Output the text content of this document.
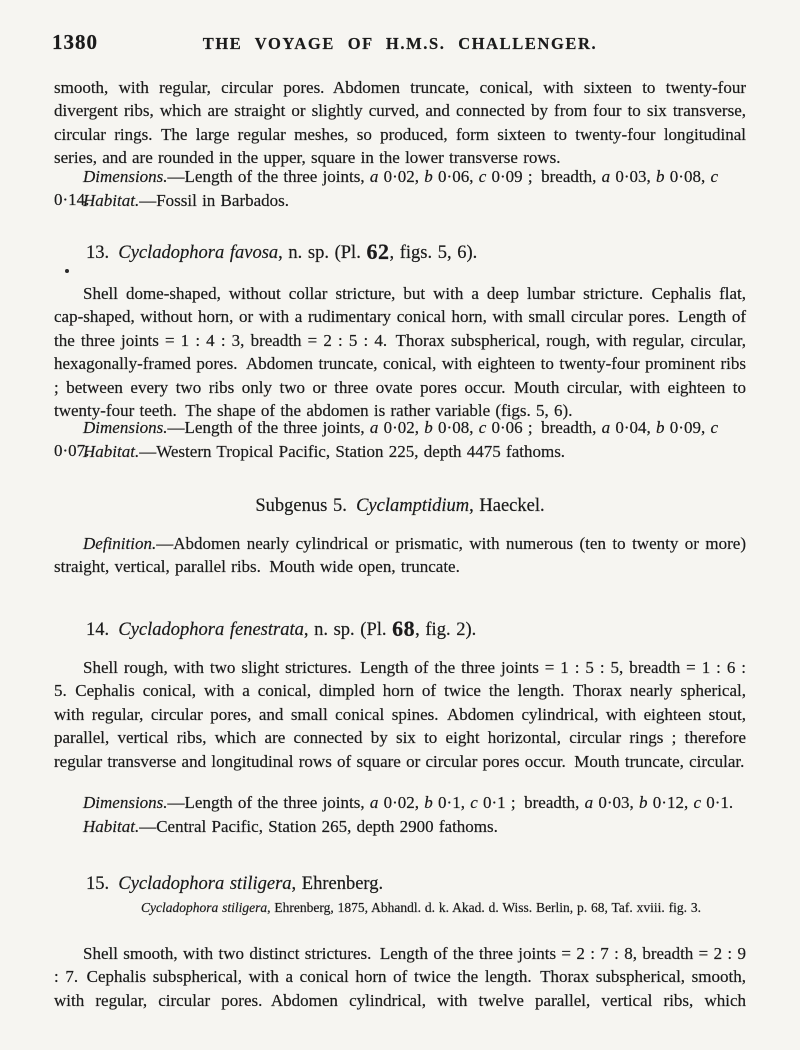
1380	THE VOYAGE OF H.M.S. CHALLENGER.
smooth, with regular, circular pores. Abdomen truncate, conical, with sixteen to twenty-four divergent ribs, which are straight or slightly curved, and connected by from four to six transverse, circular rings. The large regular meshes, so produced, form sixteen to twenty-four longitudinal series, and are rounded in the upper, square in the lower transverse rows.
Dimensions.—Length of the three joints, a 0·02, b 0·06, c 0·09 ; breadth, a 0·03, b 0·08, c 0·14.
Habitat.—Fossil in Barbados.
13. Cycladophora favosa, n. sp. (Pl. 62, figs. 5, 6).
Shell dome-shaped, without collar stricture, but with a deep lumbar stricture. Cephalis flat, cap-shaped, without horn, or with a rudimentary conical horn, with small circular pores. Length of the three joints = 1 : 4 : 3, breadth = 2 : 5 : 4. Thorax subspherical, rough, with regular, circular, hexagonally-framed pores. Abdomen truncate, conical, with eighteen to twenty-four prominent ribs ; between every two ribs only two or three ovate pores occur. Mouth circular, with eighteen to twenty-four teeth. The shape of the abdomen is rather variable (figs. 5, 6).
Dimensions.—Length of the three joints, a 0·02, b 0·08, c 0·06 ; breadth, a 0·04, b 0·09, c 0·07.
Habitat.—Western Tropical Pacific, Station 225, depth 4475 fathoms.
Subgenus 5. Cyclamptidium, Haeckel.
Definition.—Abdomen nearly cylindrical or prismatic, with numerous (ten to twenty or more) straight, vertical, parallel ribs. Mouth wide open, truncate.
14. Cycladophora fenestrata, n. sp. (Pl. 68, fig. 2).
Shell rough, with two slight strictures. Length of the three joints = 1 : 5 : 5, breadth = 1 : 6 : 5. Cephalis conical, with a conical, dimpled horn of twice the length. Thorax nearly spherical, with regular, circular pores, and small conical spines. Abdomen cylindrical, with eighteen stout, parallel, vertical ribs, which are connected by six to eight horizontal, circular rings ; therefore regular transverse and longitudinal rows of square or circular pores occur. Mouth truncate, circular.
Dimensions.—Length of the three joints, a 0·02, b 0·1, c 0·1 ; breadth, a 0·03, b 0·12, c 0·1.
Habitat.—Central Pacific, Station 265, depth 2900 fathoms.
15. Cycladophora stiligera, Ehrenberg.
Cycladophora stiligera, Ehrenberg, 1875, Abhandl. d. k. Akad. d. Wiss. Berlin, p. 68, Taf. xviii. fig. 3.
Shell smooth, with two distinct strictures. Length of the three joints = 2 : 7 : 8, breadth = 2 : 9 : 7. Cephalis subspherical, with a conical horn of twice the length. Thorax subspherical, smooth, with regular, circular pores. Abdomen cylindrical, with twelve parallel, vertical ribs, which
